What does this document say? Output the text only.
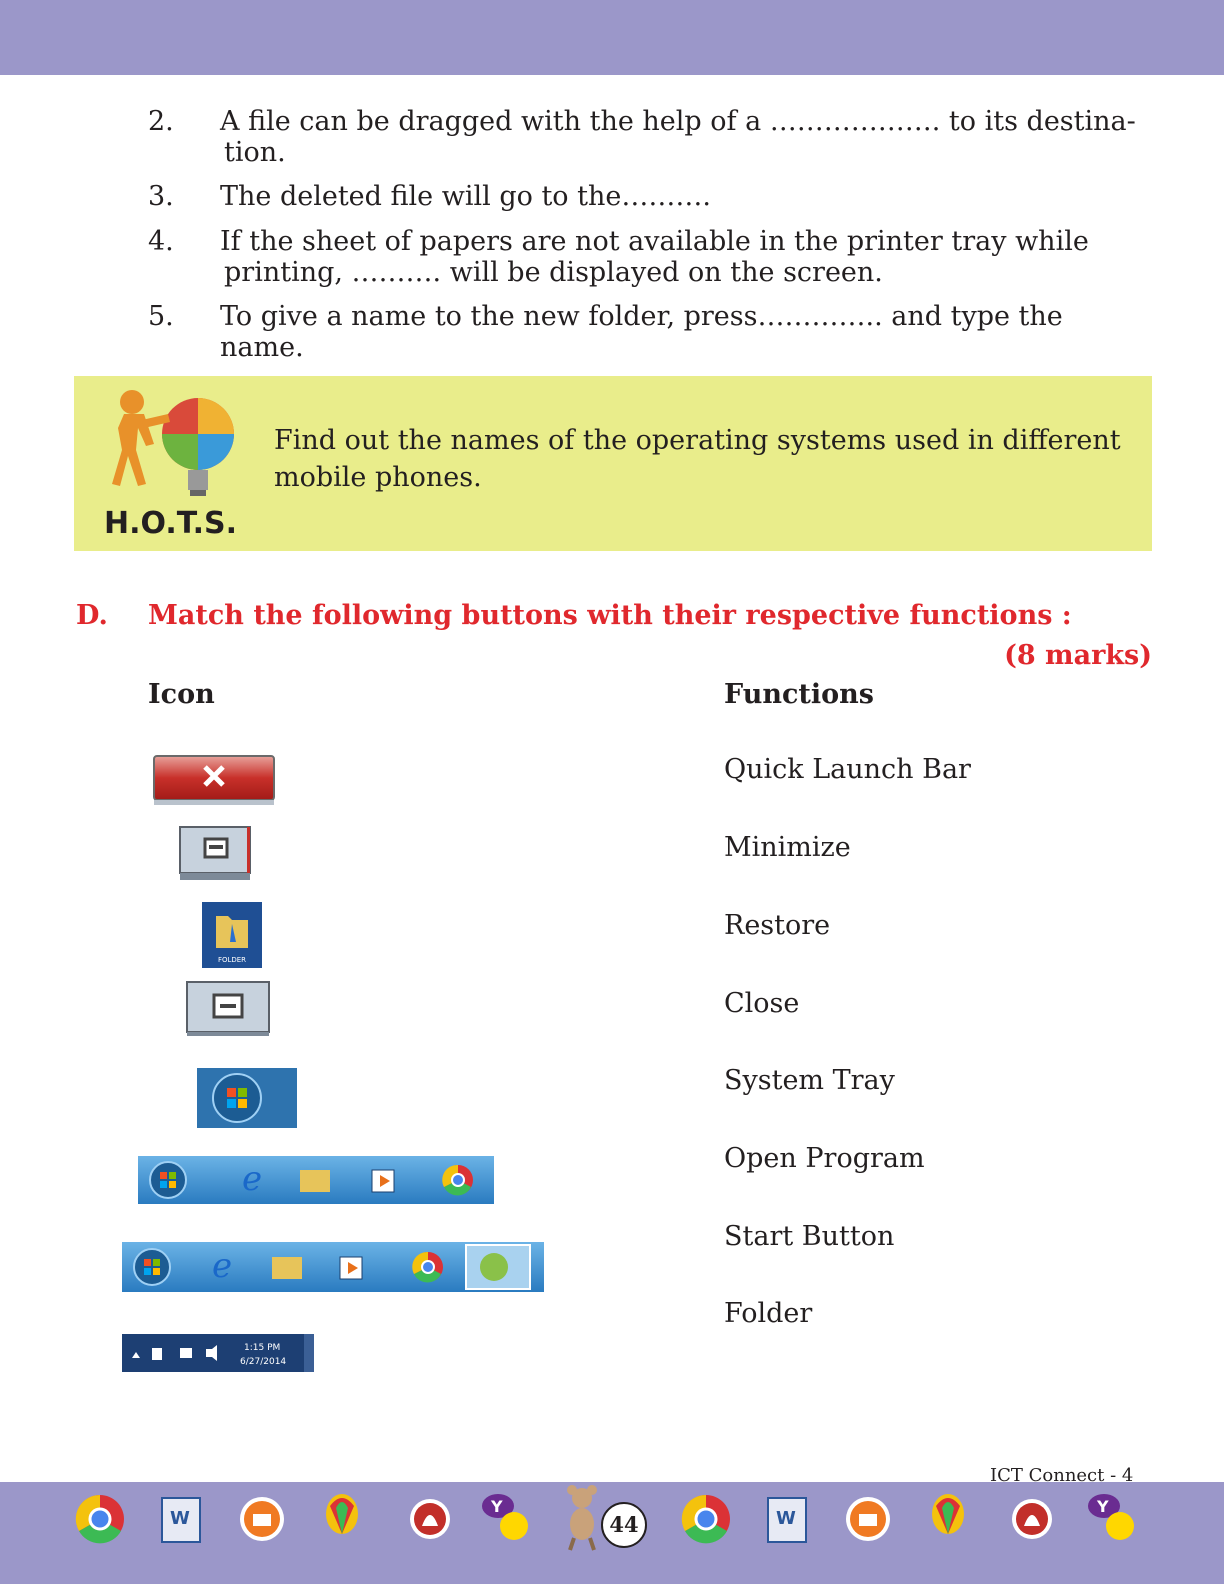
2. A file can be dragged with the help of a ………………. to its destina-
tion.
3. The deleted file will go to the……….
4. If the sheet of papers are not available in the printer tray while
printing, ………. will be displayed on the screen.
5. To give a name to the new folder, press………….. and type the name.
H.O.T.S.
Find out the names of the operating systems used in different mobile phones.
D. Match the following buttons with their respective functions :
(8 marks)
Icon	Functions
FOLDER
e
e
1:15 PM
6/27/2014
Quick Launch Bar
Minimize
Restore
Close
System Tray
Open Program
Start Button
Folder
ICT Connect - 4
W
Y
44	W
Y
